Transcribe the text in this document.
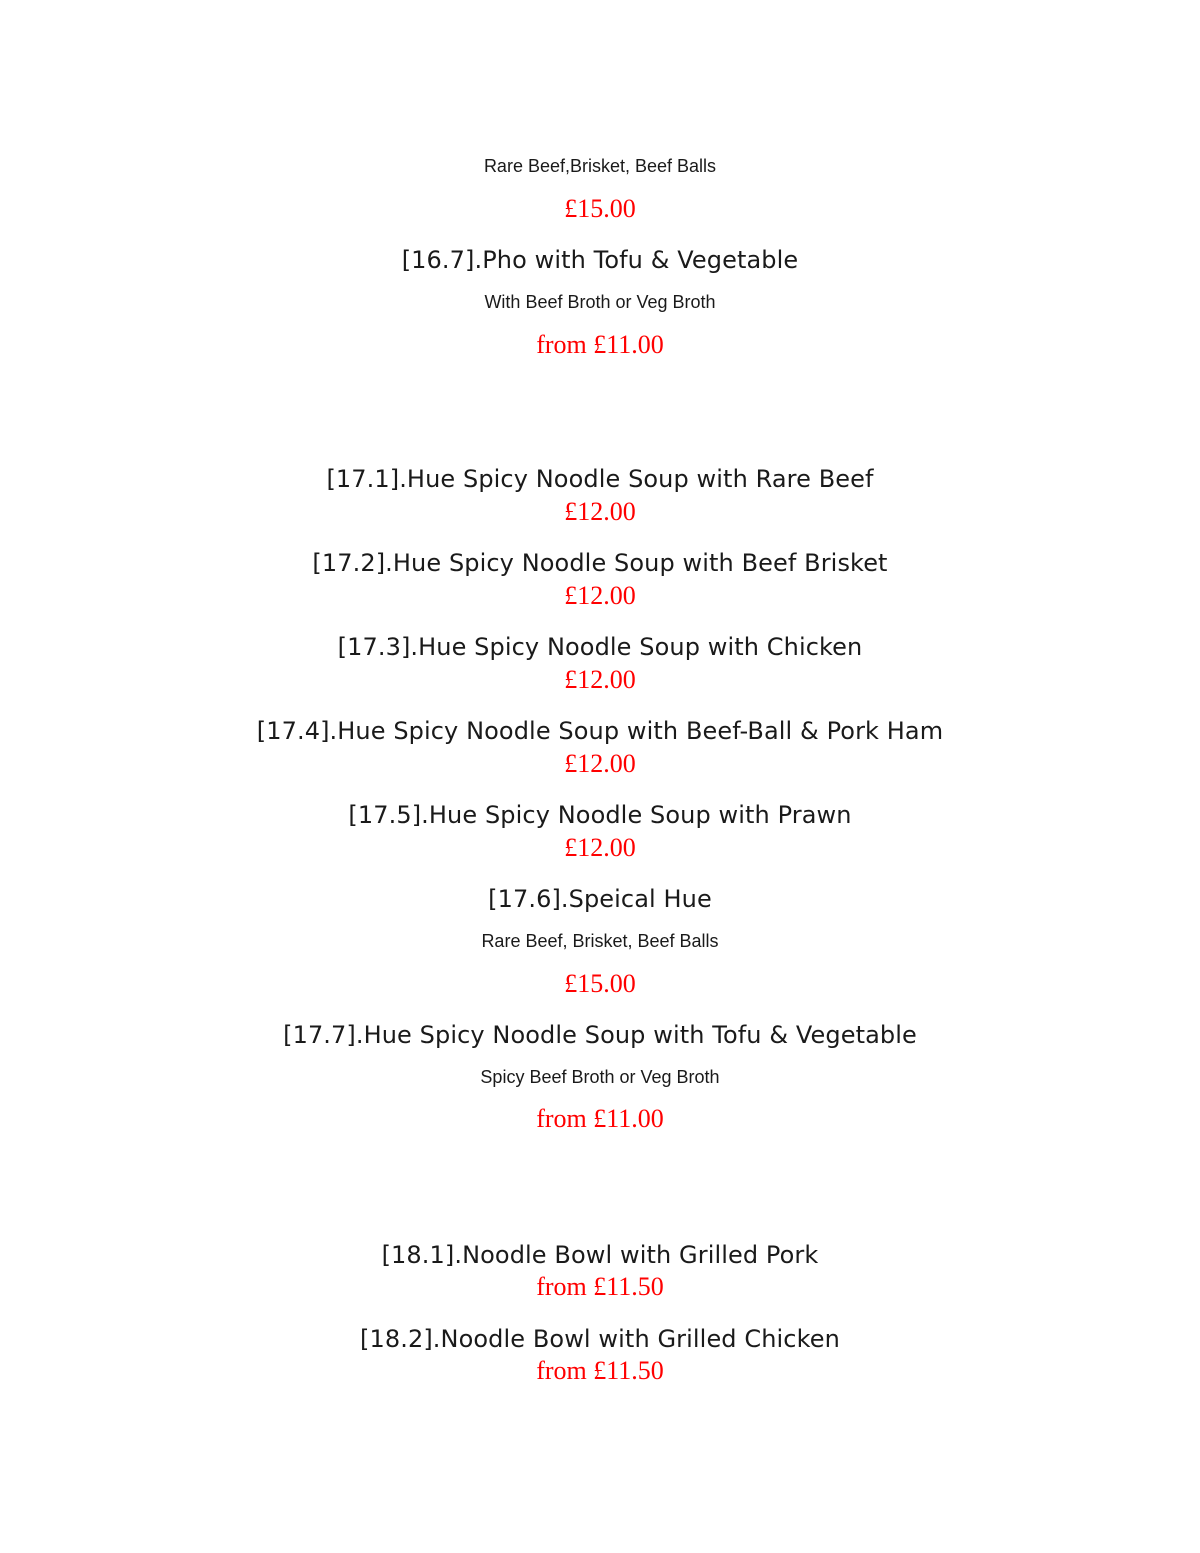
Rare Beef,Brisket, Beef Balls

£15.00

[16.7].Pho with Tofu & Vegetable

With Beef Broth or Veg Broth

from £11.00

[17.1].Hue Spicy Noodle Soup with Rare Beef

£12.00

[17.2].Hue Spicy Noodle Soup with Beef Brisket

£12.00

[17.3].Hue Spicy Noodle Soup with Chicken

£12.00

[17.4].Hue Spicy Noodle Soup with Beef-Ball & Pork Ham

£12.00

[17.5].Hue Spicy Noodle Soup with Prawn

£12.00

[17.6].Speical Hue

Rare Beef, Brisket, Beef Balls

£15.00

[17.7].Hue Spicy Noodle Soup with Tofu & Vegetable

Spicy Beef Broth or Veg Broth

from £11.00

[18.1].Noodle Bowl with Grilled Pork

from £11.50

[18.2].Noodle Bowl with Grilled Chicken

from £11.50
